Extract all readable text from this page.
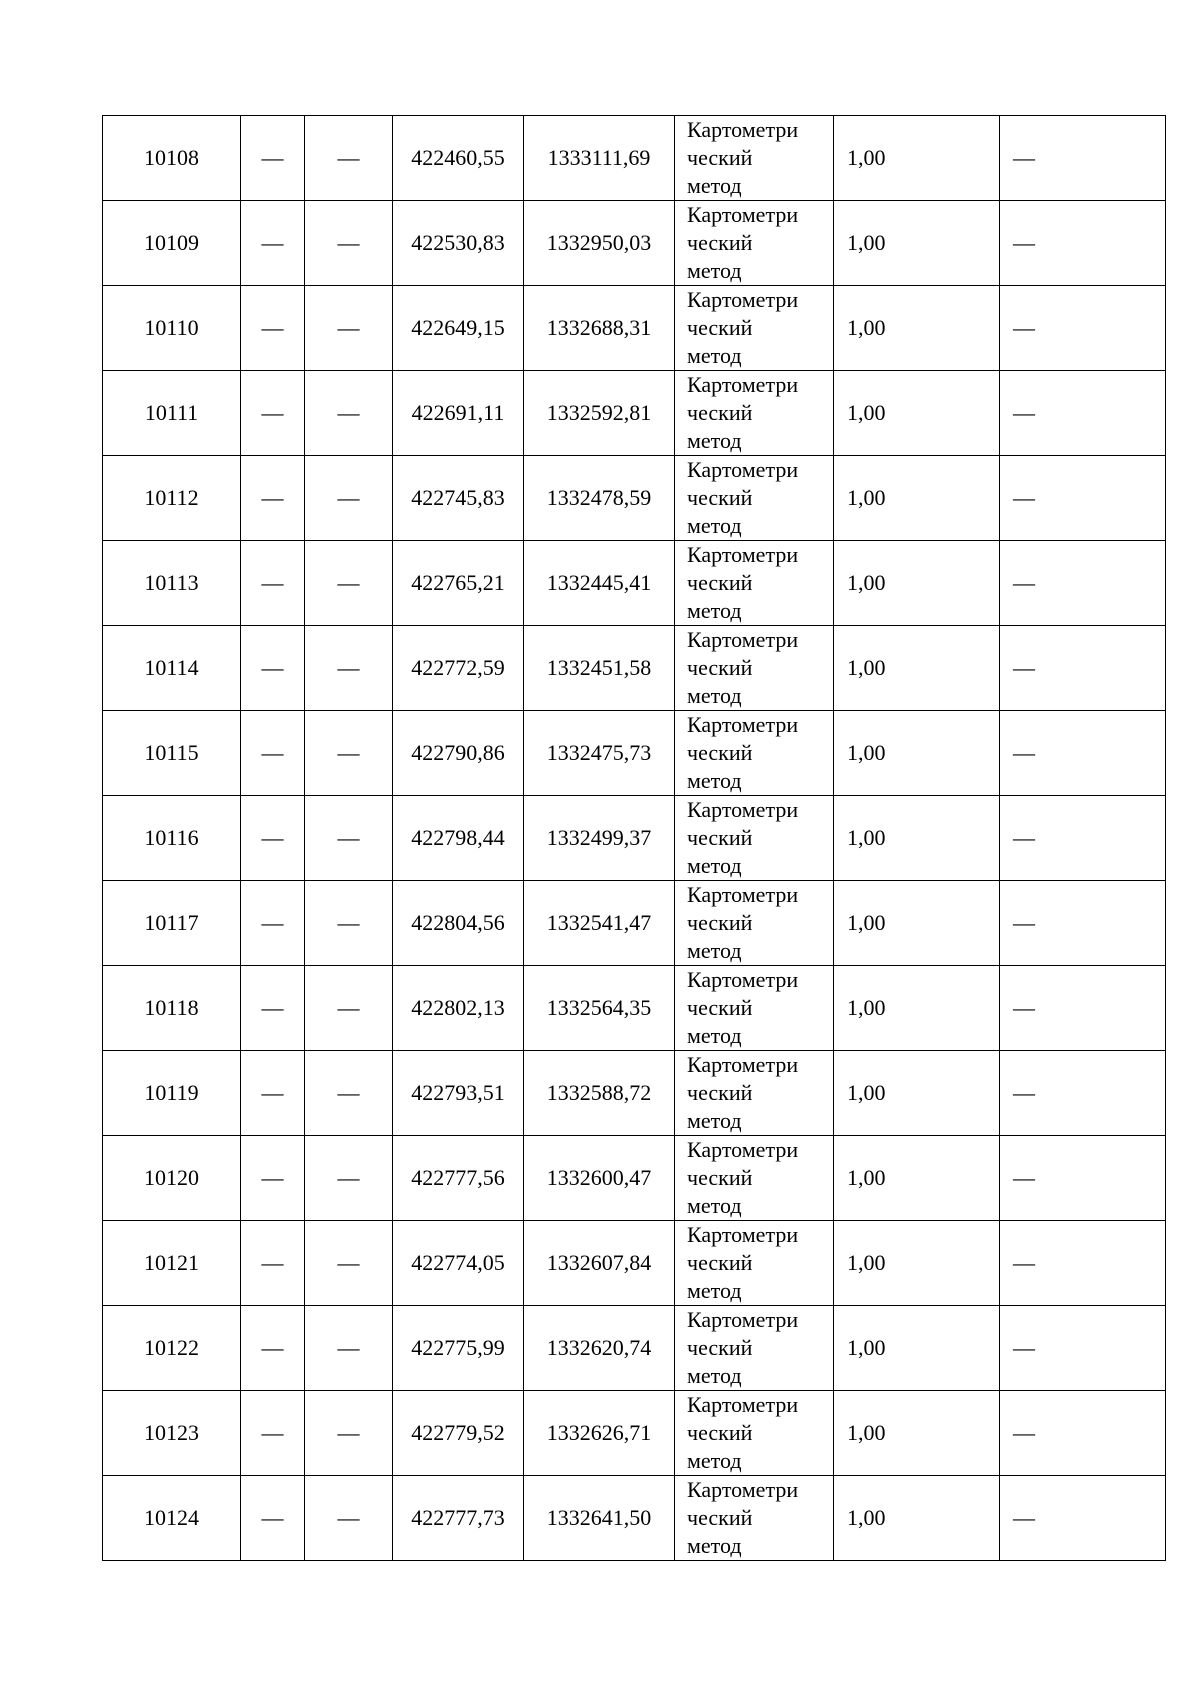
10108	—	—	422460,55	1333111,69	Картометри
ческий
метод	1,00	—
10109	—	—	422530,83	1332950,03	Картометри
ческий
метод	1,00	—
10110	—	—	422649,15	1332688,31	Картометри
ческий
метод	1,00	—
10111	—	—	422691,11	1332592,81	Картометри
ческий
метод	1,00	—
10112	—	—	422745,83	1332478,59	Картометри
ческий
метод	1,00	—
10113	—	—	422765,21	1332445,41	Картометри
ческий
метод	1,00	—
10114	—	—	422772,59	1332451,58	Картометри
ческий
метод	1,00	—
10115	—	—	422790,86	1332475,73	Картометри
ческий
метод	1,00	—
10116	—	—	422798,44	1332499,37	Картометри
ческий
метод	1,00	—
10117	—	—	422804,56	1332541,47	Картометри
ческий
метод	1,00	—
10118	—	—	422802,13	1332564,35	Картометри
ческий
метод	1,00	—
10119	—	—	422793,51	1332588,72	Картометри
ческий
метод	1,00	—
10120	—	—	422777,56	1332600,47	Картометри
ческий
метод	1,00	—
10121	—	—	422774,05	1332607,84	Картометри
ческий
метод	1,00	—
10122	—	—	422775,99	1332620,74	Картометри
ческий
метод	1,00	—
10123	—	—	422779,52	1332626,71	Картометри
ческий
метод	1,00	—
10124	—	—	422777,73	1332641,50	Картометри
ческий
метод	1,00	—
